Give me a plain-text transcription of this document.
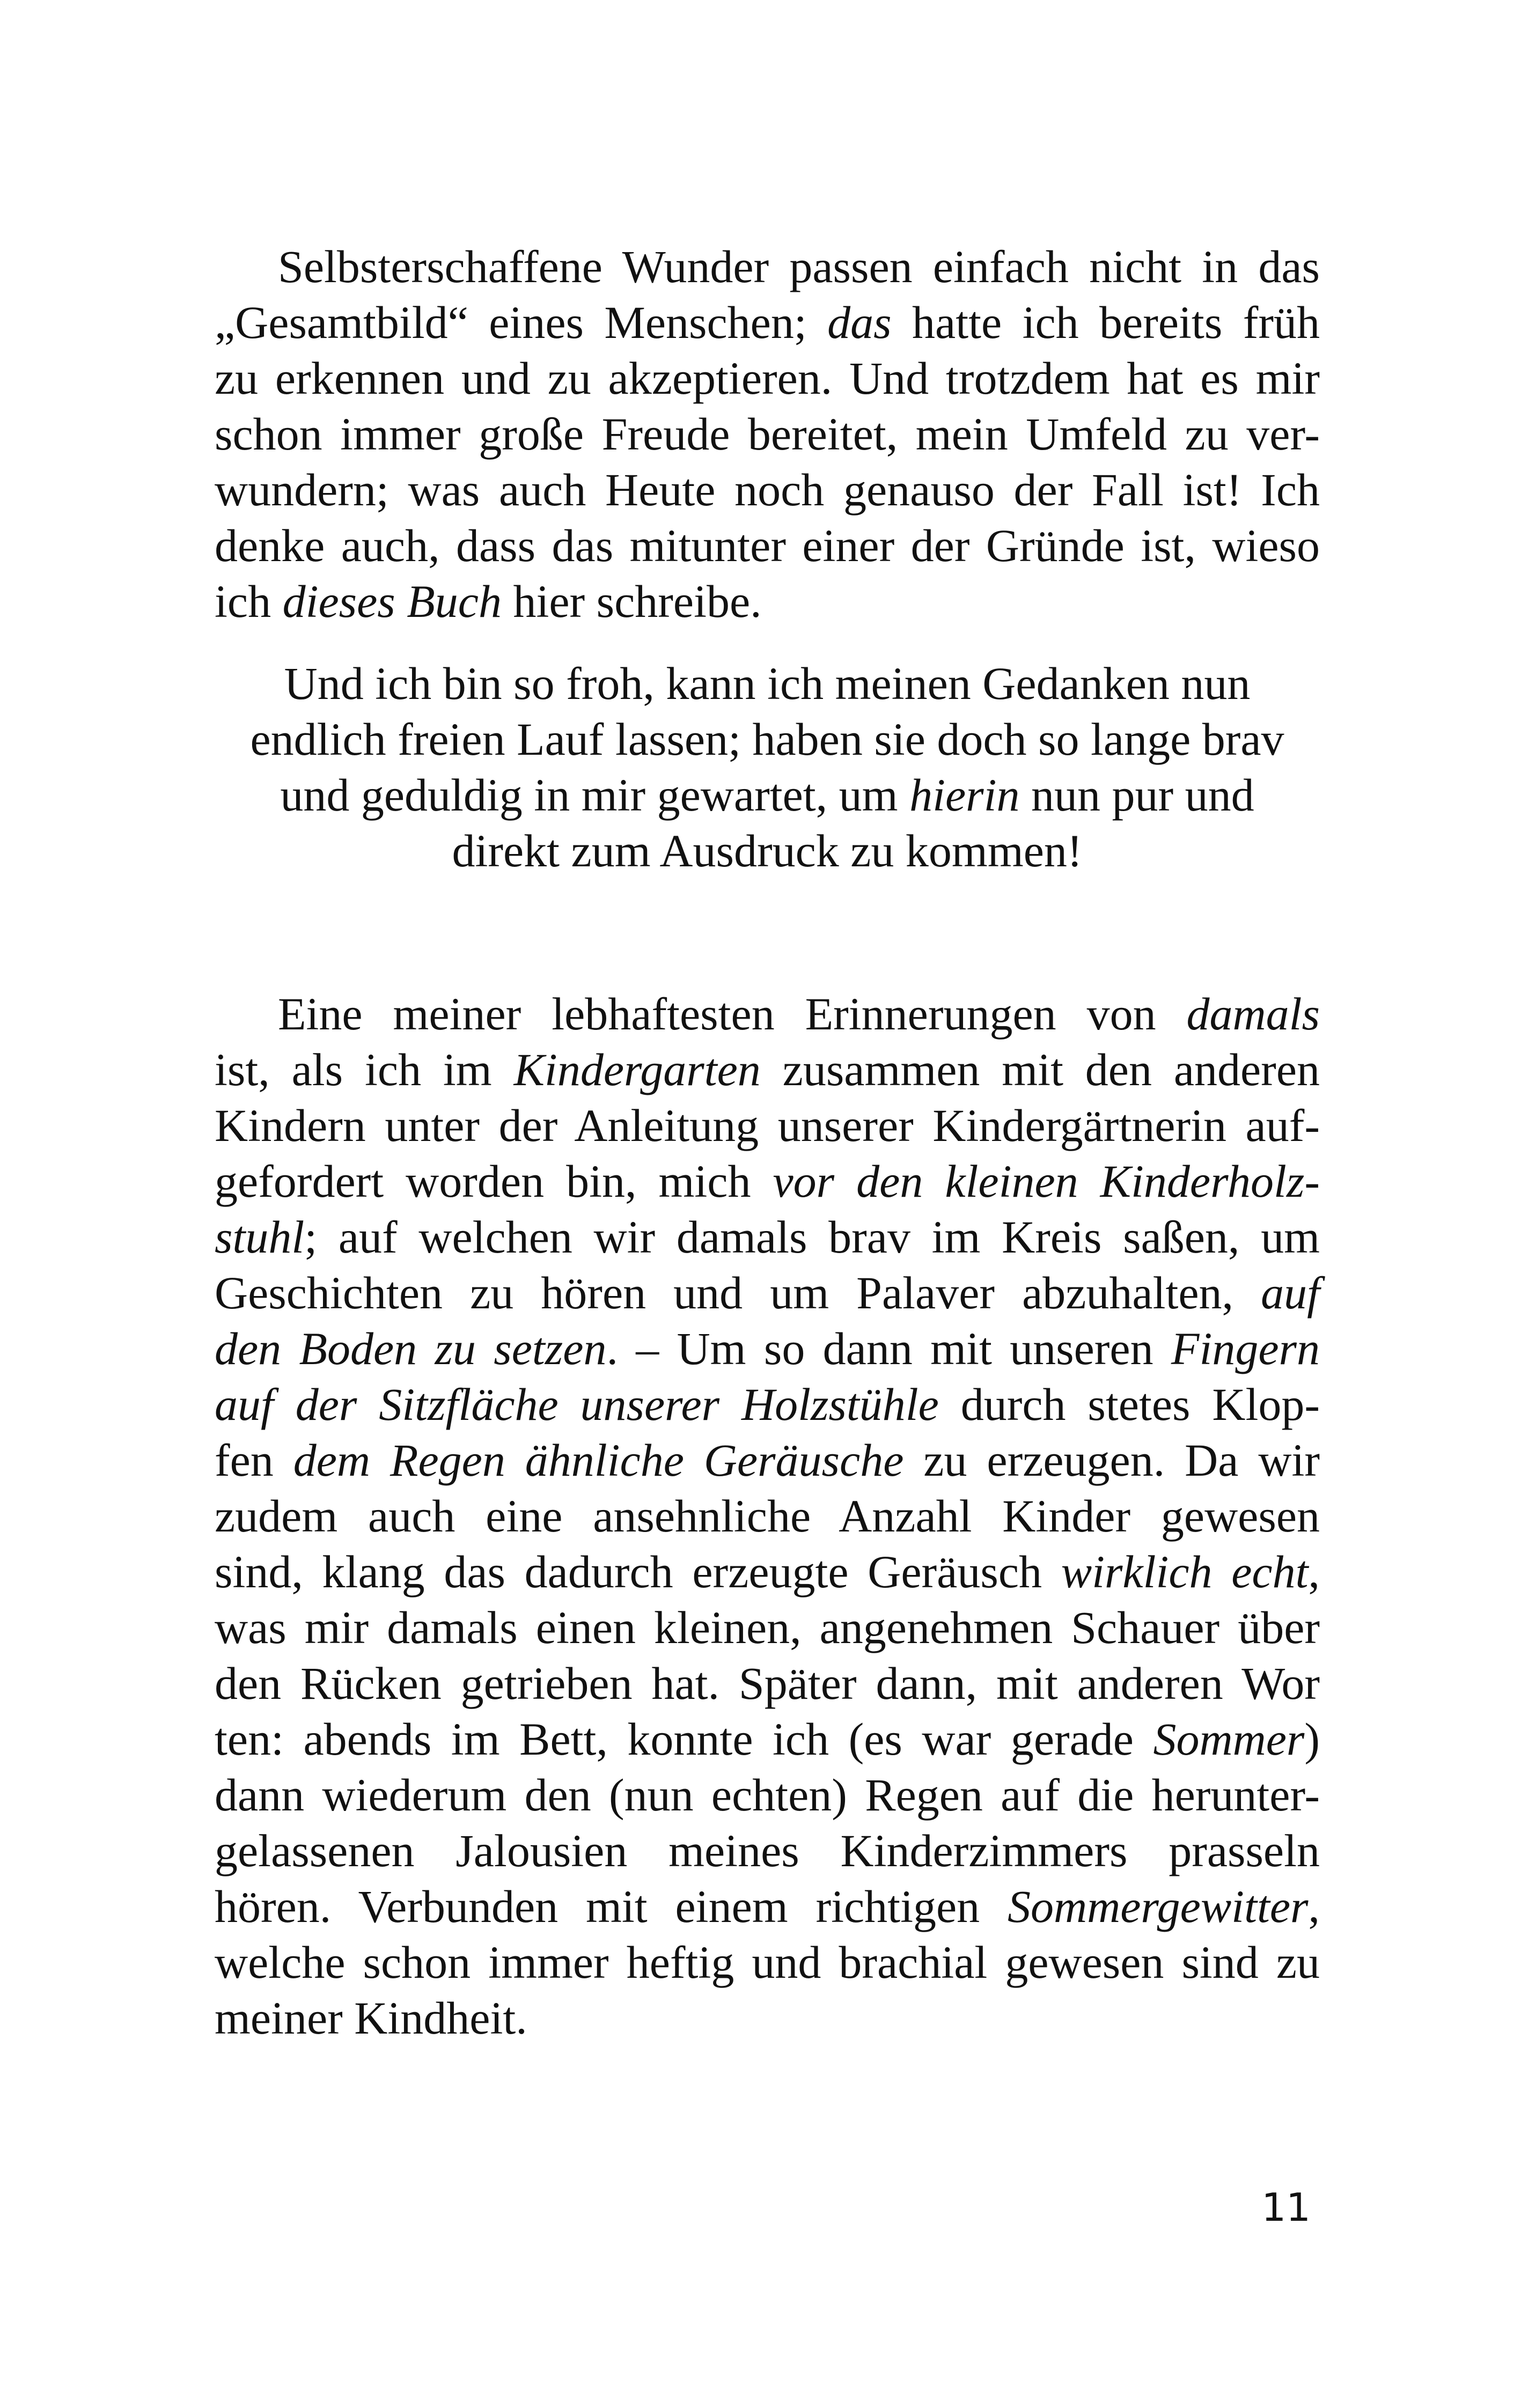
Selbsterschaffene Wunder passen einfach nicht in das
„Gesamtbild“ eines Menschen; das hatte ich bereits früh
zu erkennen und zu akzeptieren. Und trotzdem hat es mir
schon immer große Freude bereitet, mein Umfeld zu ver-
wundern; was auch Heute noch genauso der Fall ist! Ich
denke auch, dass das mitunter einer der Gründe ist, wieso
ich dieses Buch hier schreibe.
Und ich bin so froh, kann ich meinen Gedanken nun
endlich freien Lauf lassen; haben sie doch so lange brav
und geduldig in mir gewartet, um hierin nun pur und
direkt zum Ausdruck zu kommen!
Eine meiner lebhaftesten Erinnerungen von damals
ist, als ich im Kindergarten zusammen mit den anderen
Kindern unter der Anleitung unserer Kindergärtnerin auf-
gefordert worden bin, mich vor den kleinen Kinderholz-
stuhl; auf welchen wir damals brav im Kreis saßen, um
Geschichten zu hören und um Palaver abzuhalten, auf
den Boden zu setzen. – Um so dann mit unseren Fingern
auf der Sitzfläche unserer Holzstühle durch stetes Klop-
fen dem Regen ähnliche Geräusche zu erzeugen. Da wir
zudem auch eine ansehnliche Anzahl Kinder gewesen
sind, klang das dadurch erzeugte Geräusch wirklich echt,
was mir damals einen kleinen, angenehmen Schauer über
den Rücken getrieben hat. Später dann, mit anderen Wor
ten: abends im Bett, konnte ich (es war gerade Sommer)
dann wiederum den (nun echten) Regen auf die herunter-
gelassenen Jalousien meines Kinderzimmers prasseln
hören. Verbunden mit einem richtigen Sommergewitter,
welche schon immer heftig und brachial gewesen sind zu
meiner Kindheit.
11
